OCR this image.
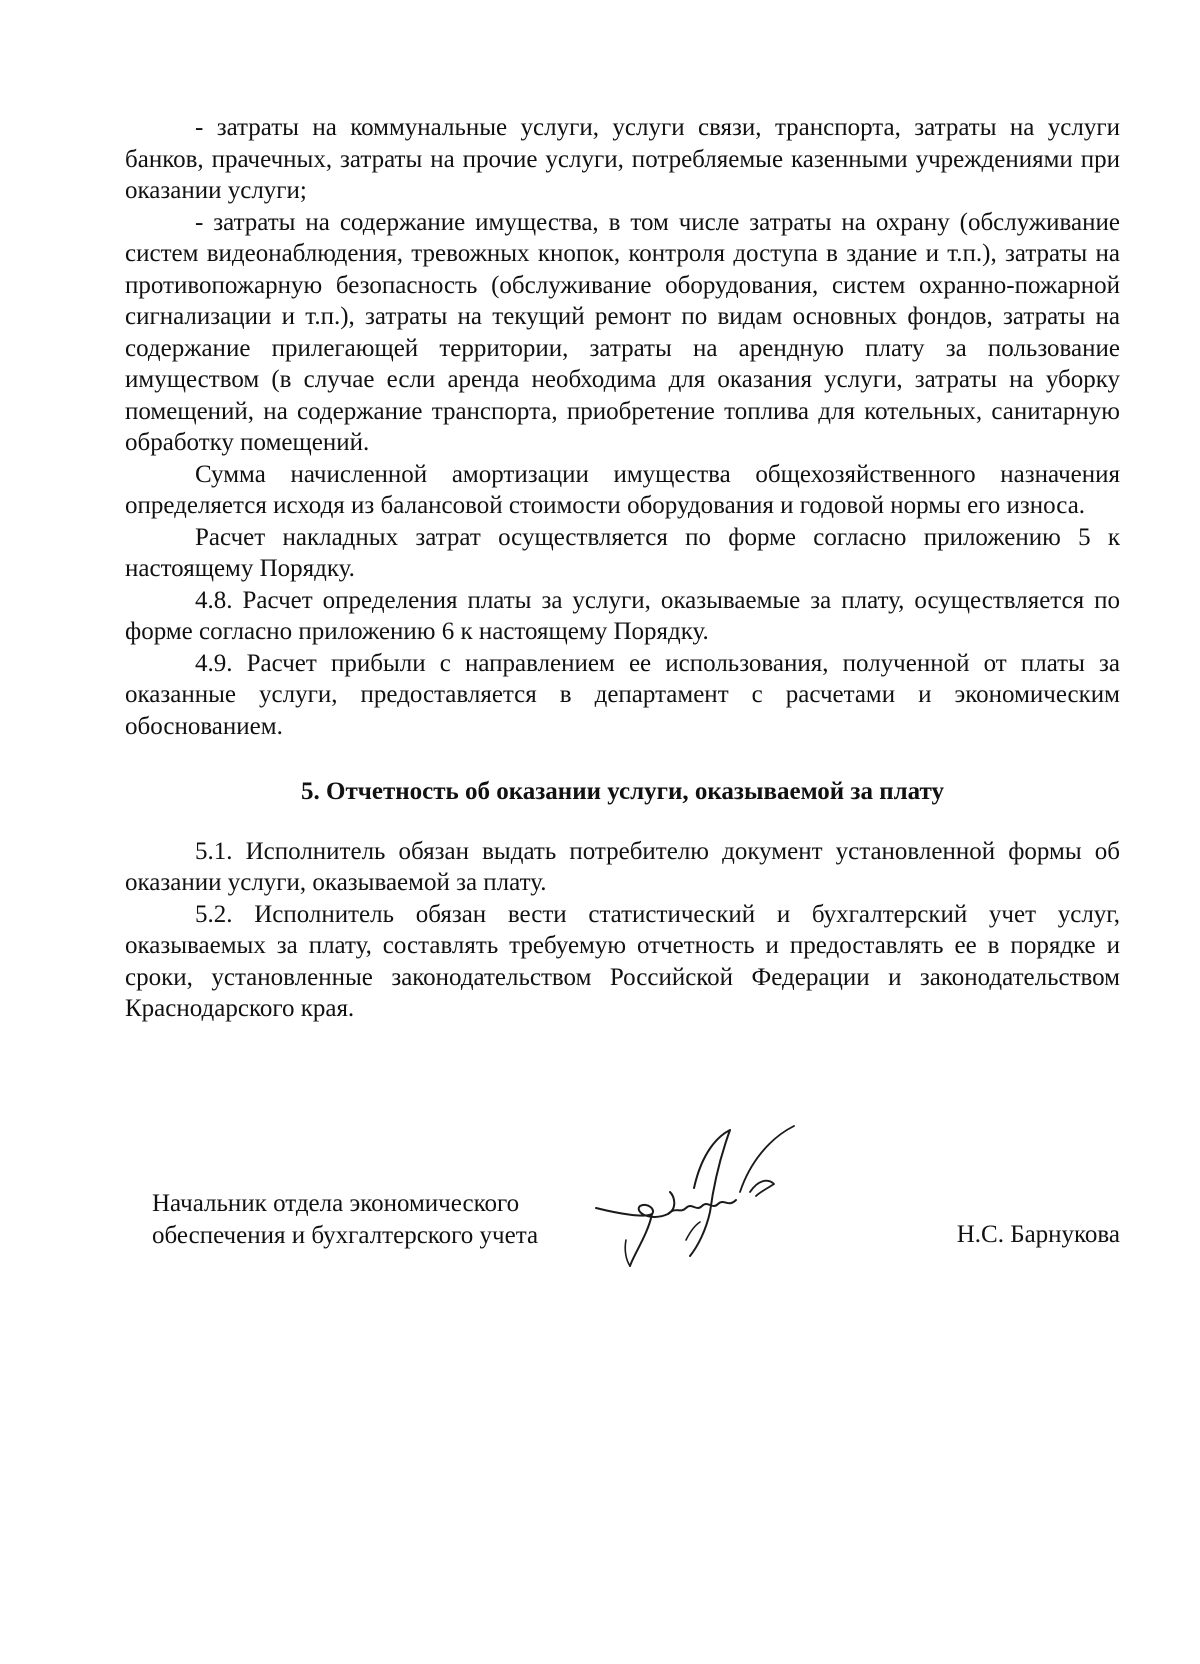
- затраты на коммунальные услуги, услуги связи, транспорта, затраты на услуги банков, прачечных, затраты на прочие услуги, потребляемые казенными учреждениями при оказании услуги;

- затраты на содержание имущества, в том числе затраты на охрану (обслуживание систем видеонаблюдения, тревожных кнопок, контроля доступа в здание и т.п.), затраты на противопожарную безопасность (обслуживание оборудования, систем охранно-пожарной сигнализации и т.п.), затраты на текущий ремонт по видам основных фондов, затраты на содержание прилегающей территории, затраты на арендную плату за пользование имуществом (в случае если аренда необходима для оказания услуги, затраты на уборку помещений, на содержание транспорта, приобретение топлива для котельных, санитарную обработку помещений.

Сумма начисленной амортизации имущества общехозяйственного назначения определяется исходя из балансовой стоимости оборудования и годовой нормы его износа.

Расчет накладных затрат осуществляется по форме согласно приложению 5 к настоящему Порядку.

4.8. Расчет определения платы за услуги, оказываемые за плату, осуществляется по форме согласно приложению 6 к настоящему Порядку.

4.9. Расчет прибыли с направлением ее использования, полученной от платы за оказанные услуги, предоставляется в департамент с расчетами и экономическим обоснованием.

5. Отчетность об оказании услуги, оказываемой за плату

5.1. Исполнитель обязан выдать потребителю документ установленной формы об оказании услуги, оказываемой за плату.

5.2. Исполнитель обязан вести статистический и бухгалтерский учет услуг, оказываемых за плату, составлять требуемую отчетность и предоставлять ее в порядке и сроки, установленные законодательством Российской Федерации и законодательством Краснодарского края.

Начальник отдела экономического
обеспечения и бухгалтерского учета	Н.С. Барнукова
